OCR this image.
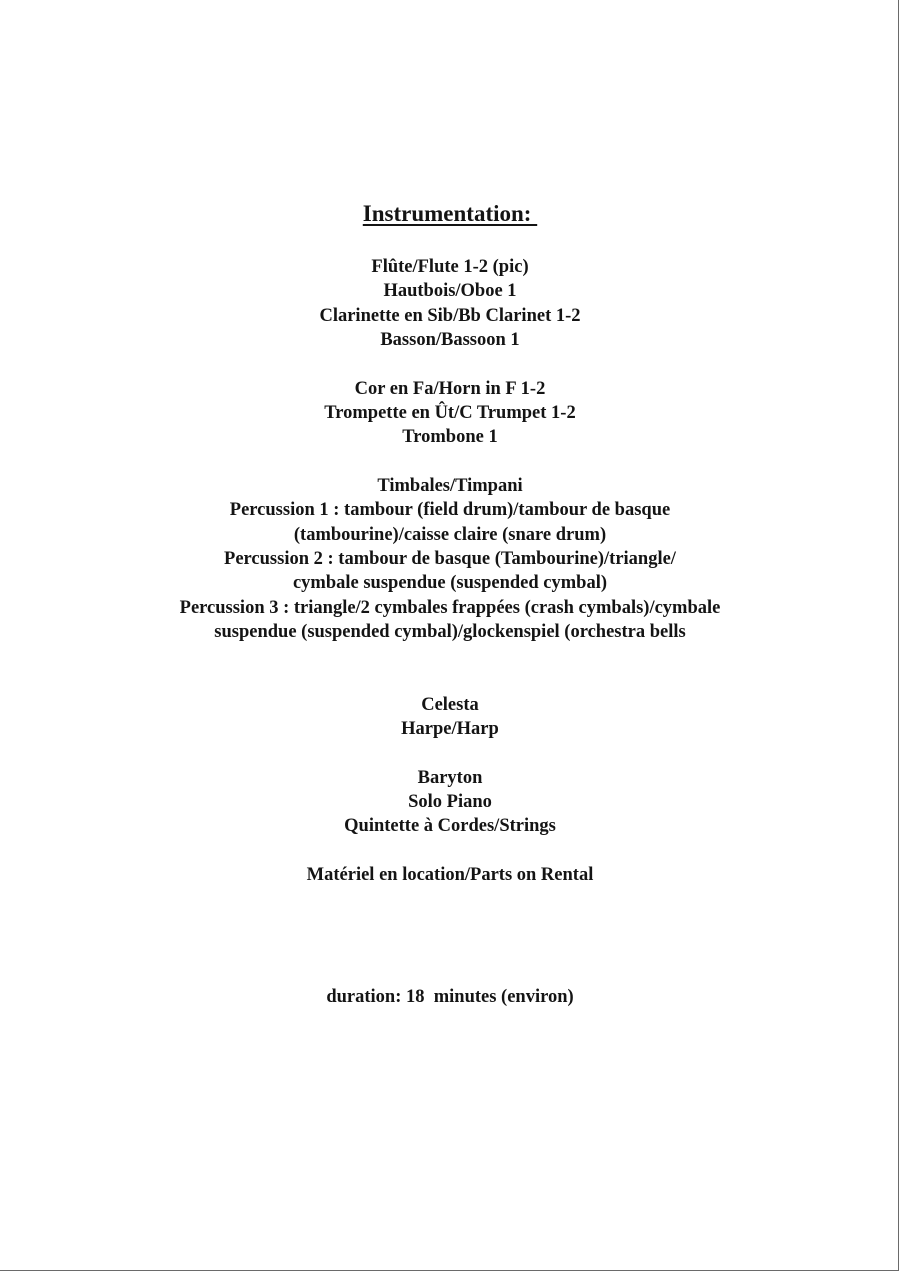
Instrumentation:
Flûte/Flute 1-2 (pic)
Hautbois/Oboe 1
Clarinette en Sib/Bb Clarinet 1-2
Basson/Bassoon 1
Cor en Fa/Horn in F 1-2
Trompette en Ût/C Trumpet 1-2
Trombone 1
Timbales/Timpani
Percussion 1 : tambour (field drum)/tambour de basque
(tambourine)/caisse claire (snare drum)
Percussion 2 : tambour de basque (Tambourine)/triangle/
cymbale suspendue (suspended cymbal)
Percussion 3 : triangle/2 cymbales frappées (crash cymbals)/cymbale
suspendue (suspended cymbal)/glockenspiel (orchestra bells
Celesta
Harpe/Harp
Baryton
Solo Piano
Quintette à Cordes/Strings
Matériel en location/Parts on Rental
duration: 18  minutes (environ)
